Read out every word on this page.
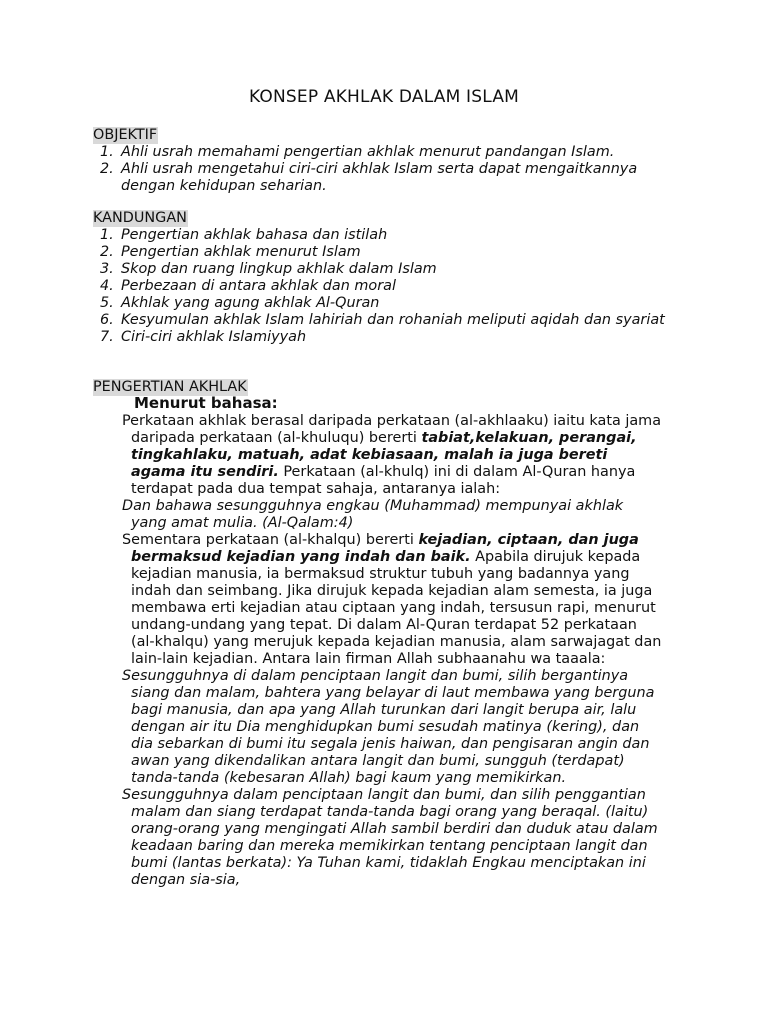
KONSEP AKHLAK DALAM ISLAM
OBJEKTIF
1. Ahli usrah memahami pengertian akhlak menurut pandangan Islam.
2. Ahli usrah mengetahui ciri-ciri akhlak Islam serta dapat mengaitkannya dengan kehidupan seharian.
KANDUNGAN
1. Pengertian akhlak bahasa dan istilah
2. Pengertian akhlak menurut Islam
3. Skop dan ruang lingkup akhlak dalam Islam
4. Perbezaan di antara akhlak dan moral
5. Akhlak yang agung akhlak Al-Quran
6. Kesyumulan akhlak Islam lahiriah dan rohaniah meliputi aqidah dan syariat
7. Ciri-ciri akhlak Islamiyyah
PENGERTIAN AKHLAK
Menurut bahasa:

Perkataan akhlak berasal daripada perkataan (al-akhlaaku) iaitu kata jama daripada perkataan (al-khuluqu) bererti tabiat,kelakuan, perangai, tingkahlaku, matuah, adat kebiasaan, malah ia juga bereti agama itu sendiri. Perkataan (al-khulq) ini di dalam Al-Quran hanya terdapat pada dua tempat sahaja, antaranya ialah:

Dan bahawa sesungguhnya engkau (Muhammad) mempunyai akhlak yang amat mulia. (Al-Qalam:4)

Sementara perkataan (al-khalqu) bererti kejadian, ciptaan, dan juga bermaksud kejadian yang indah dan baik. Apabila dirujuk kepada kejadian manusia, ia bermaksud struktur tubuh yang badannya yang indah dan seimbang. Jika dirujuk kepada kejadian alam semesta, ia juga membawa erti kejadian atau ciptaan yang indah, tersusun rapi, menurut undang-undang yang tepat. Di dalam Al-Quran terdapat 52 perkataan (al-khalqu) yang merujuk kepada kejadian manusia, alam sarwajagat dan lain-lain kejadian. Antara lain firman Allah subhaanahu wa taaala:

Sesungguhnya di dalam penciptaan langit dan bumi, silih bergantinya siang dan malam, bahtera yang belayar di laut membawa yang berguna bagi manusia, dan apa yang Allah turunkan dari langit berupa air, lalu dengan air itu Dia menghidupkan bumi sesudah matinya (kering), dan dia sebarkan di bumi itu segala jenis haiwan, dan pengisaran angin dan awan yang dikendalikan antara langit dan bumi, sungguh (terdapat) tanda-tanda (kebesaran Allah) bagi kaum yang memikirkan.

Sesungguhnya dalam penciptaan langit dan bumi, dan silih penggantian malam dan siang terdapat tanda-tanda bagi orang yang beraqal. (laitu) orang-orang yang mengingati Allah sambil berdiri dan duduk atau dalam keadaan baring dan mereka memikirkan tentang penciptaan langit dan bumi (lantas berkata): Ya Tuhan kami, tidaklah Engkau menciptakan ini dengan sia-sia,
